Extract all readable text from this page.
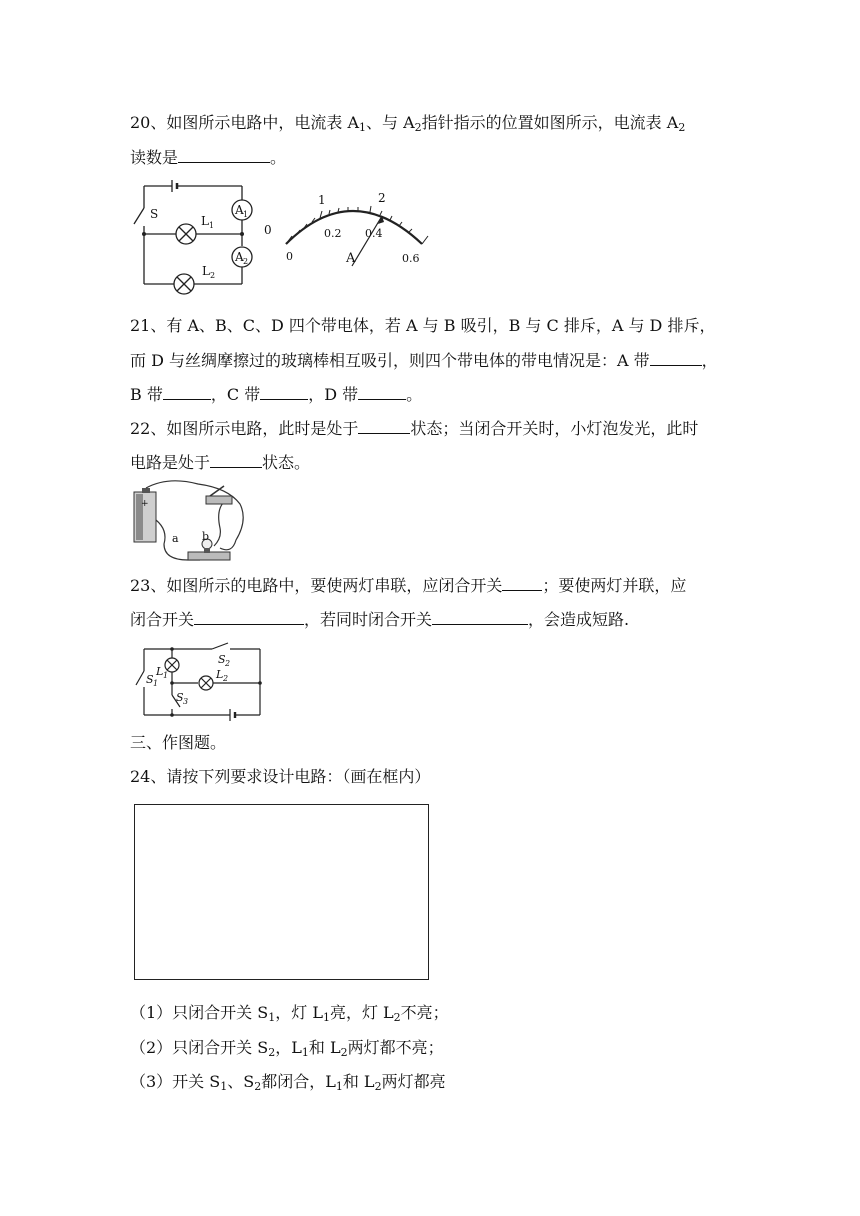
20、如图所示电路中，电流表 $A_1$、与 $A_2$指针指示的位置如图所示，电流表 $A_2$
读数是	。
S	L 1
L 2
A 1
A 2
0
1	2
0
0.2 0.4
0.6
A
21、有 A、B、C、D 四个带电体，若 A 与 B 吸引，B 与 C 排斥，A 与 D 排斥，
而 D 与丝绸摩擦过的玻璃棒相互吸引，则四个带电体的带电情况是：A 带	，
B 带	，C 带	，D 带	。
22、如图所示电路，此时是处于	状态；当闭合开关时，小灯泡发光，此时
电路是处于	状态。
+
a b
23、如图所示的电路中，要使两灯串联，应闭合开关	；要使两灯并联，应
闭合开关	，若同时闭合开关	，会造成短路.
S 1
S 2
S 3
L 1	L 2
三、作图题。
24、请按下列要求设计电路：（画在框内）
（1）只闭合开关 $S_1$，灯 $L_1$亮，灯 $L_2$不亮；
（2）只闭合开关 $S_2$，$L_1$和 $L_2$两灯都不亮；
（3）开关 $S_1$、$S_2$都闭合，$L_1$和 $L_2$两灯都亮
